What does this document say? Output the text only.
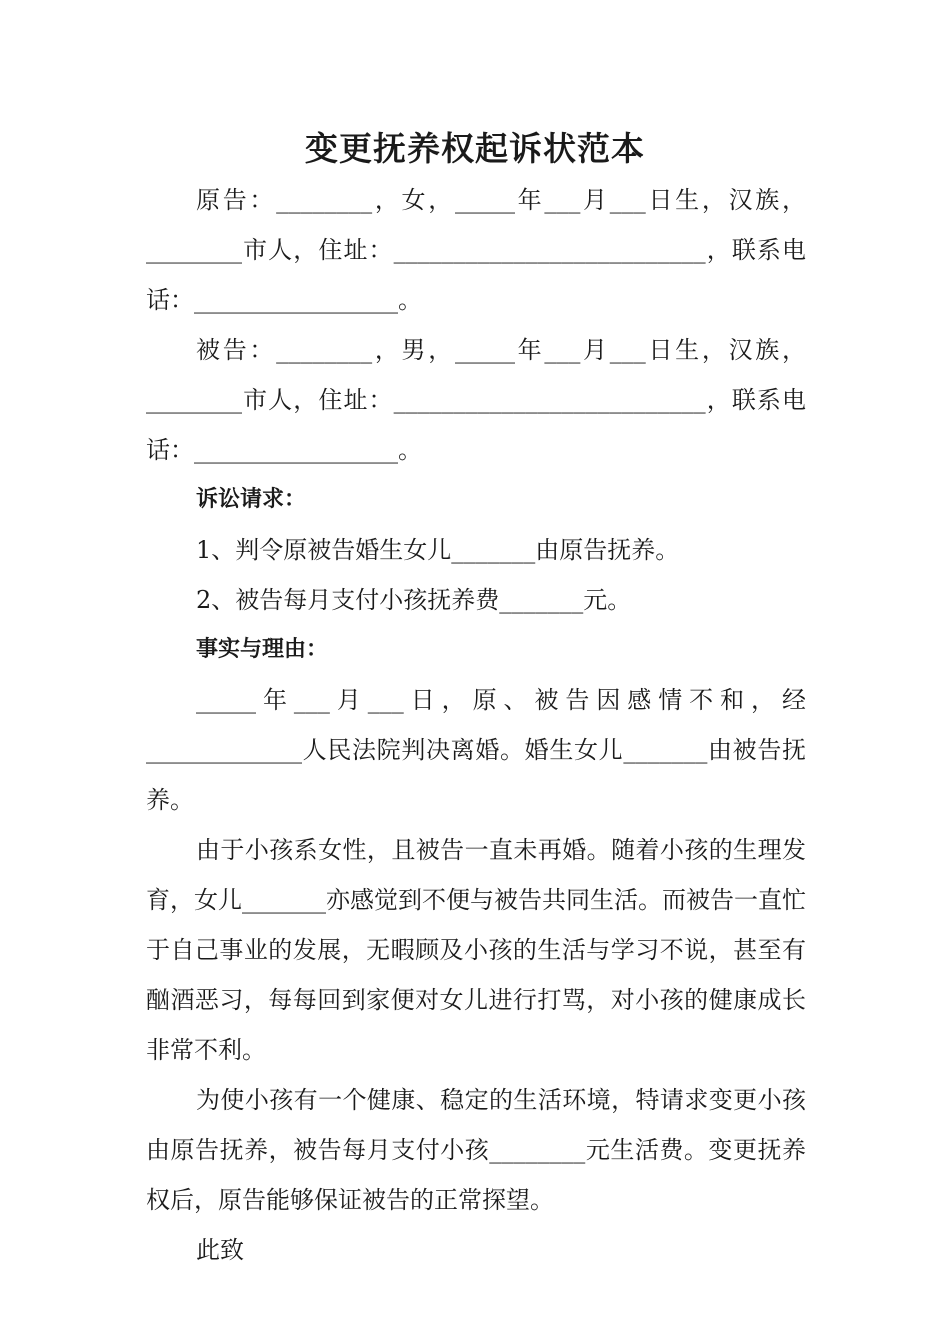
变更抚养权起诉状范本

原告：________，女，_____年___月___日生，汉族，________市人，住址：__________________________，联系电话：_________________。

被告：________，男，_____年___月___日生，汉族，________市人，住址：__________________________，联系电话：_________________。

诉讼请求：

1、判令原被告婚生女儿_______由原告抚养。

2、被告每月支付小孩抚养费_______元。

事实与理由：

_____年___月___日，原、被告因感情不和，经_____________人民法院判决离婚。婚生女儿_______由被告抚养。

由于小孩系女性，且被告一直未再婚。随着小孩的生理发育，女儿_______亦感觉到不便与被告共同生活。而被告一直忙于自己事业的发展，无暇顾及小孩的生活与学习不说，甚至有酗酒恶习，每每回到家便对女儿进行打骂，对小孩的健康成长非常不利。

为使小孩有一个健康、稳定的生活环境，特请求变更小孩由原告抚养，被告每月支付小孩________元生活费。变更抚养权后，原告能够保证被告的正常探望。

此致
